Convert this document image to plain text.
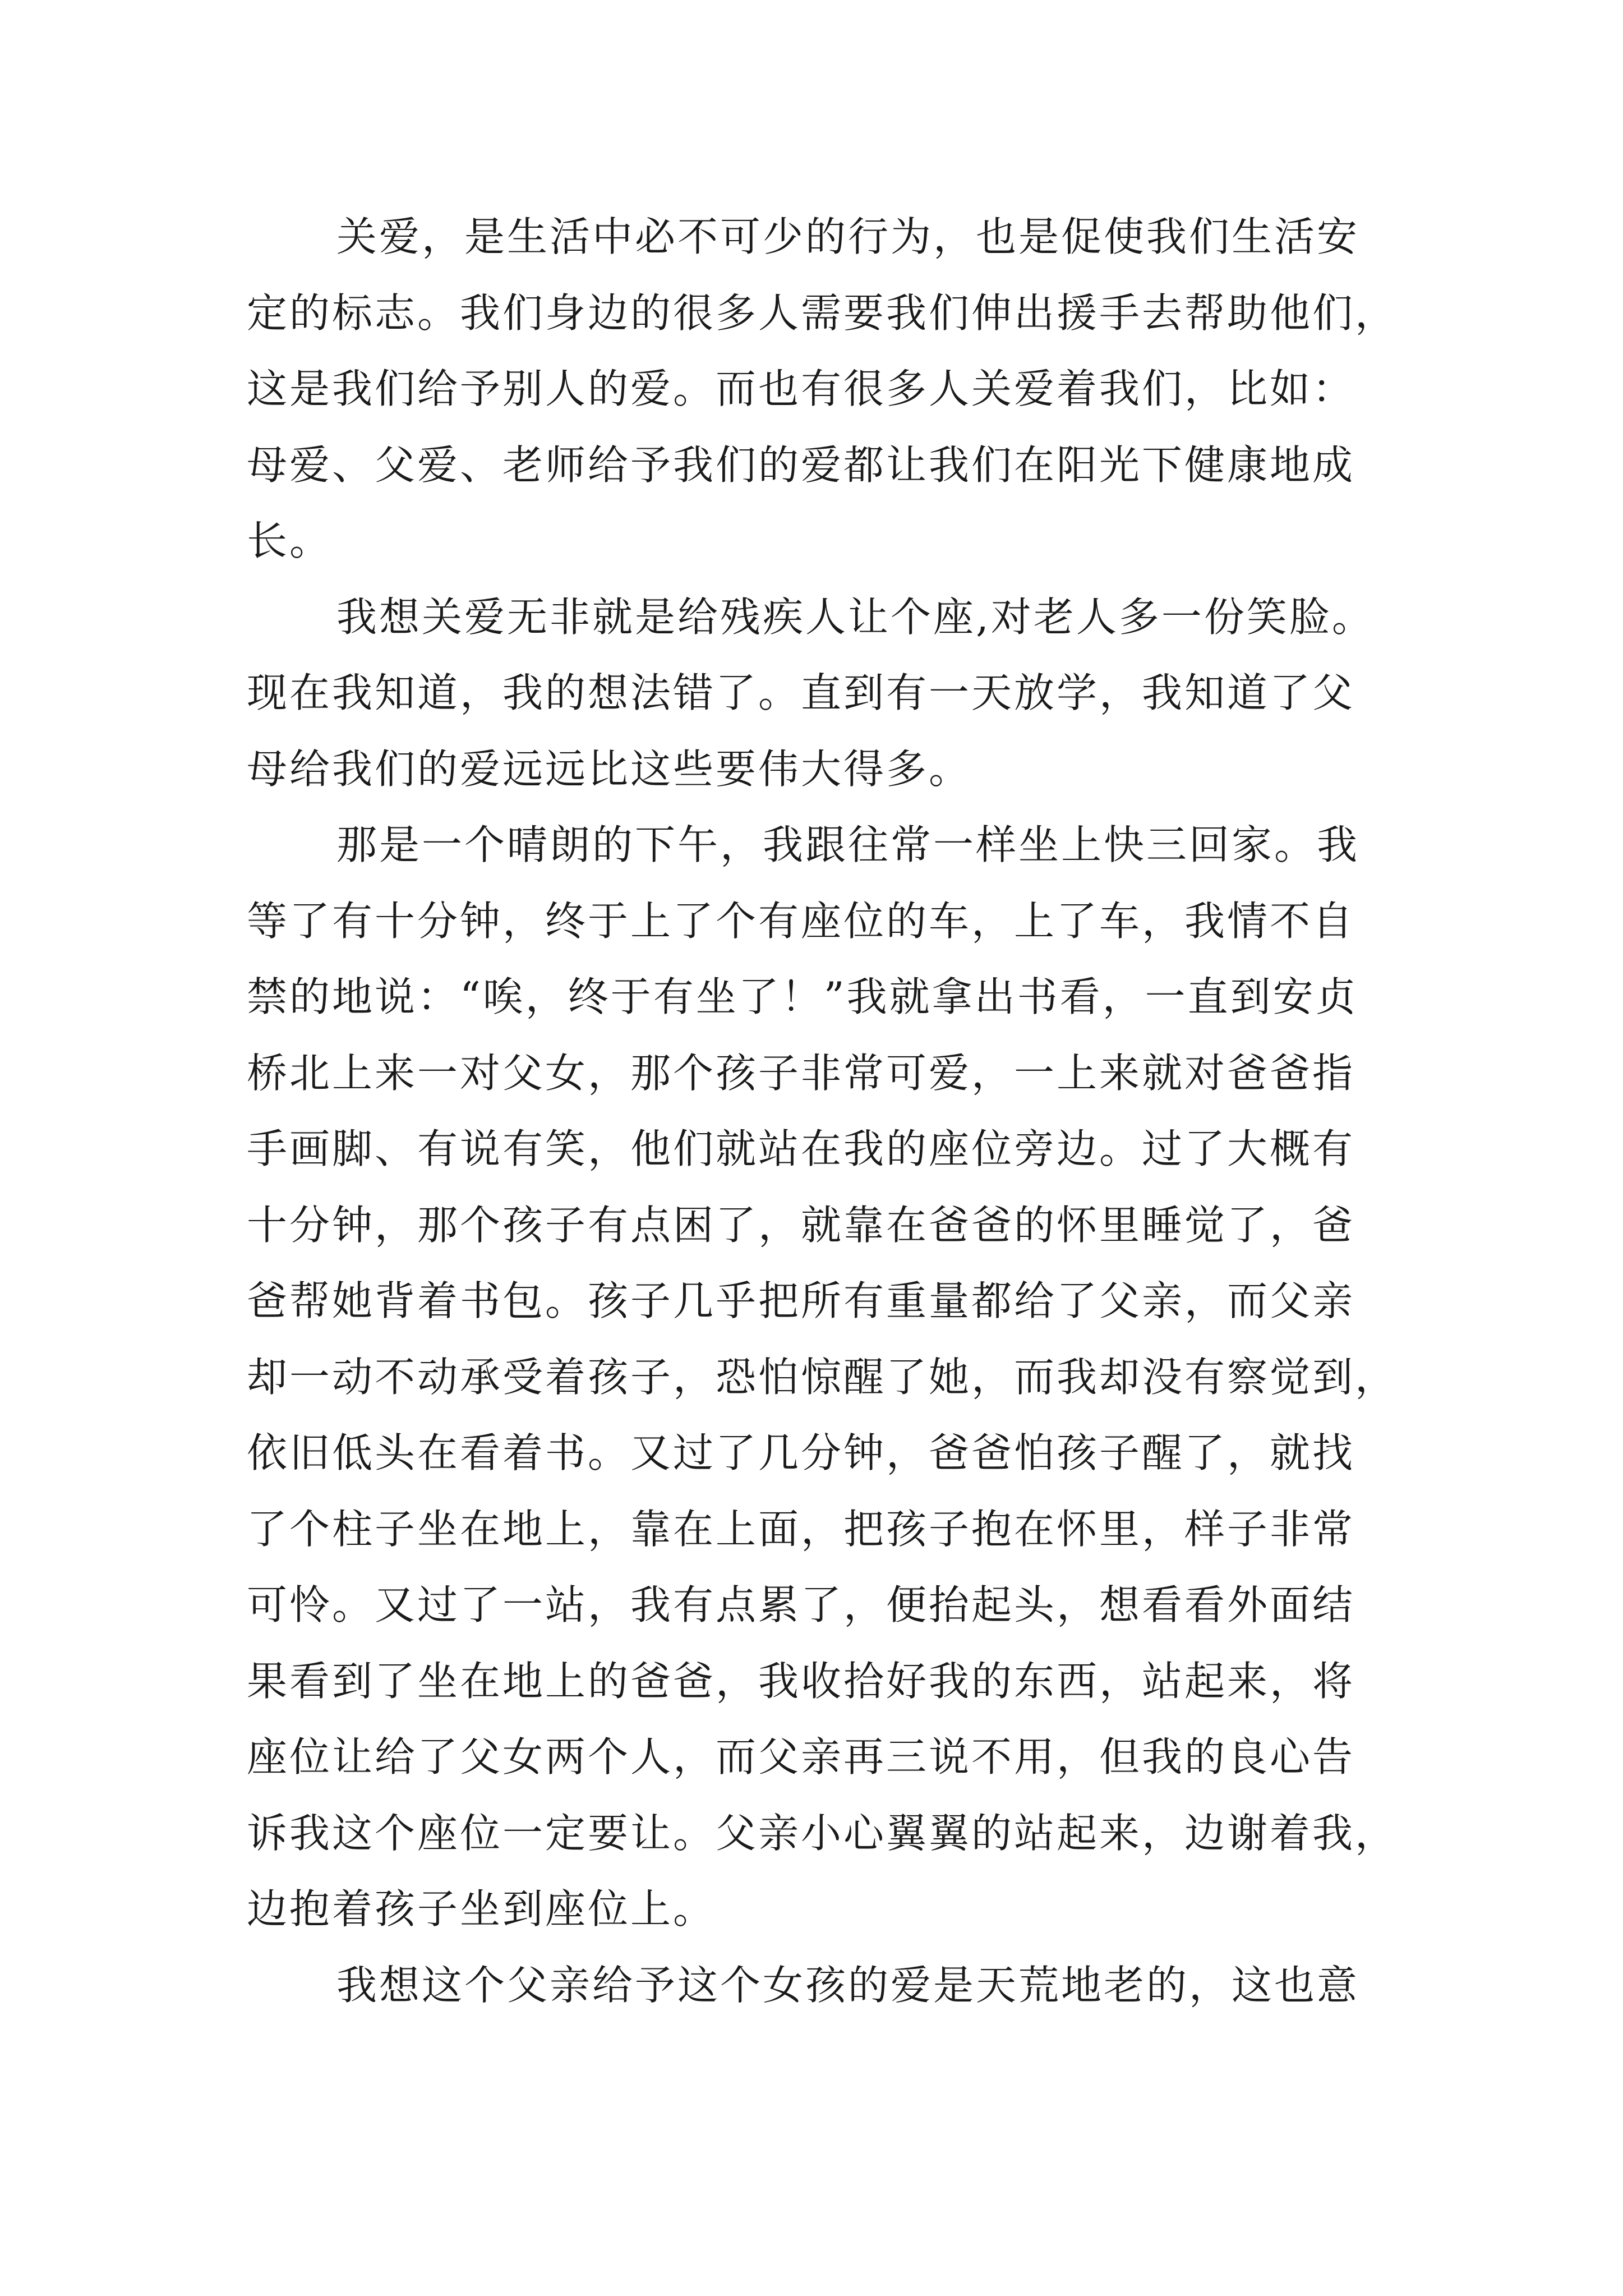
关爱，是生活中必不可少的行为，也是促使我们生活安
定的标志。我们身边的很多人需要我们伸出援手去帮助他们，
这是我们给予别人的爱。而也有很多人关爱着我们，比如：
母爱、父爱、老师给予我们的爱都让我们在阳光下健康地成
长。
我想关爱无非就是给残疾人让个座,对老人多一份笑脸。
现在我知道，我的想法错了。直到有一天放学，我知道了父
母给我们的爱远远比这些要伟大得多。
那是一个晴朗的下午，我跟往常一样坐上快三回家。我
等了有十分钟，终于上了个有座位的车，上了车，我情不自
禁的地说：“唉，终于有坐了！”我就拿出书看，一直到安贞
桥北上来一对父女，那个孩子非常可爱，一上来就对爸爸指
手画脚、有说有笑，他们就站在我的座位旁边。过了大概有
十分钟，那个孩子有点困了，就靠在爸爸的怀里睡觉了，爸
爸帮她背着书包。孩子几乎把所有重量都给了父亲，而父亲
却一动不动承受着孩子，恐怕惊醒了她，而我却没有察觉到，
依旧低头在看着书。又过了几分钟，爸爸怕孩子醒了，就找
了个柱子坐在地上，靠在上面，把孩子抱在怀里，样子非常
可怜。又过了一站，我有点累了，便抬起头，想看看外面结
果看到了坐在地上的爸爸，我收拾好我的东西，站起来，将
座位让给了父女两个人，而父亲再三说不用，但我的良心告
诉我这个座位一定要让。父亲小心翼翼的站起来，边谢着我，
边抱着孩子坐到座位上。
我想这个父亲给予这个女孩的爱是天荒地老的，这也意
